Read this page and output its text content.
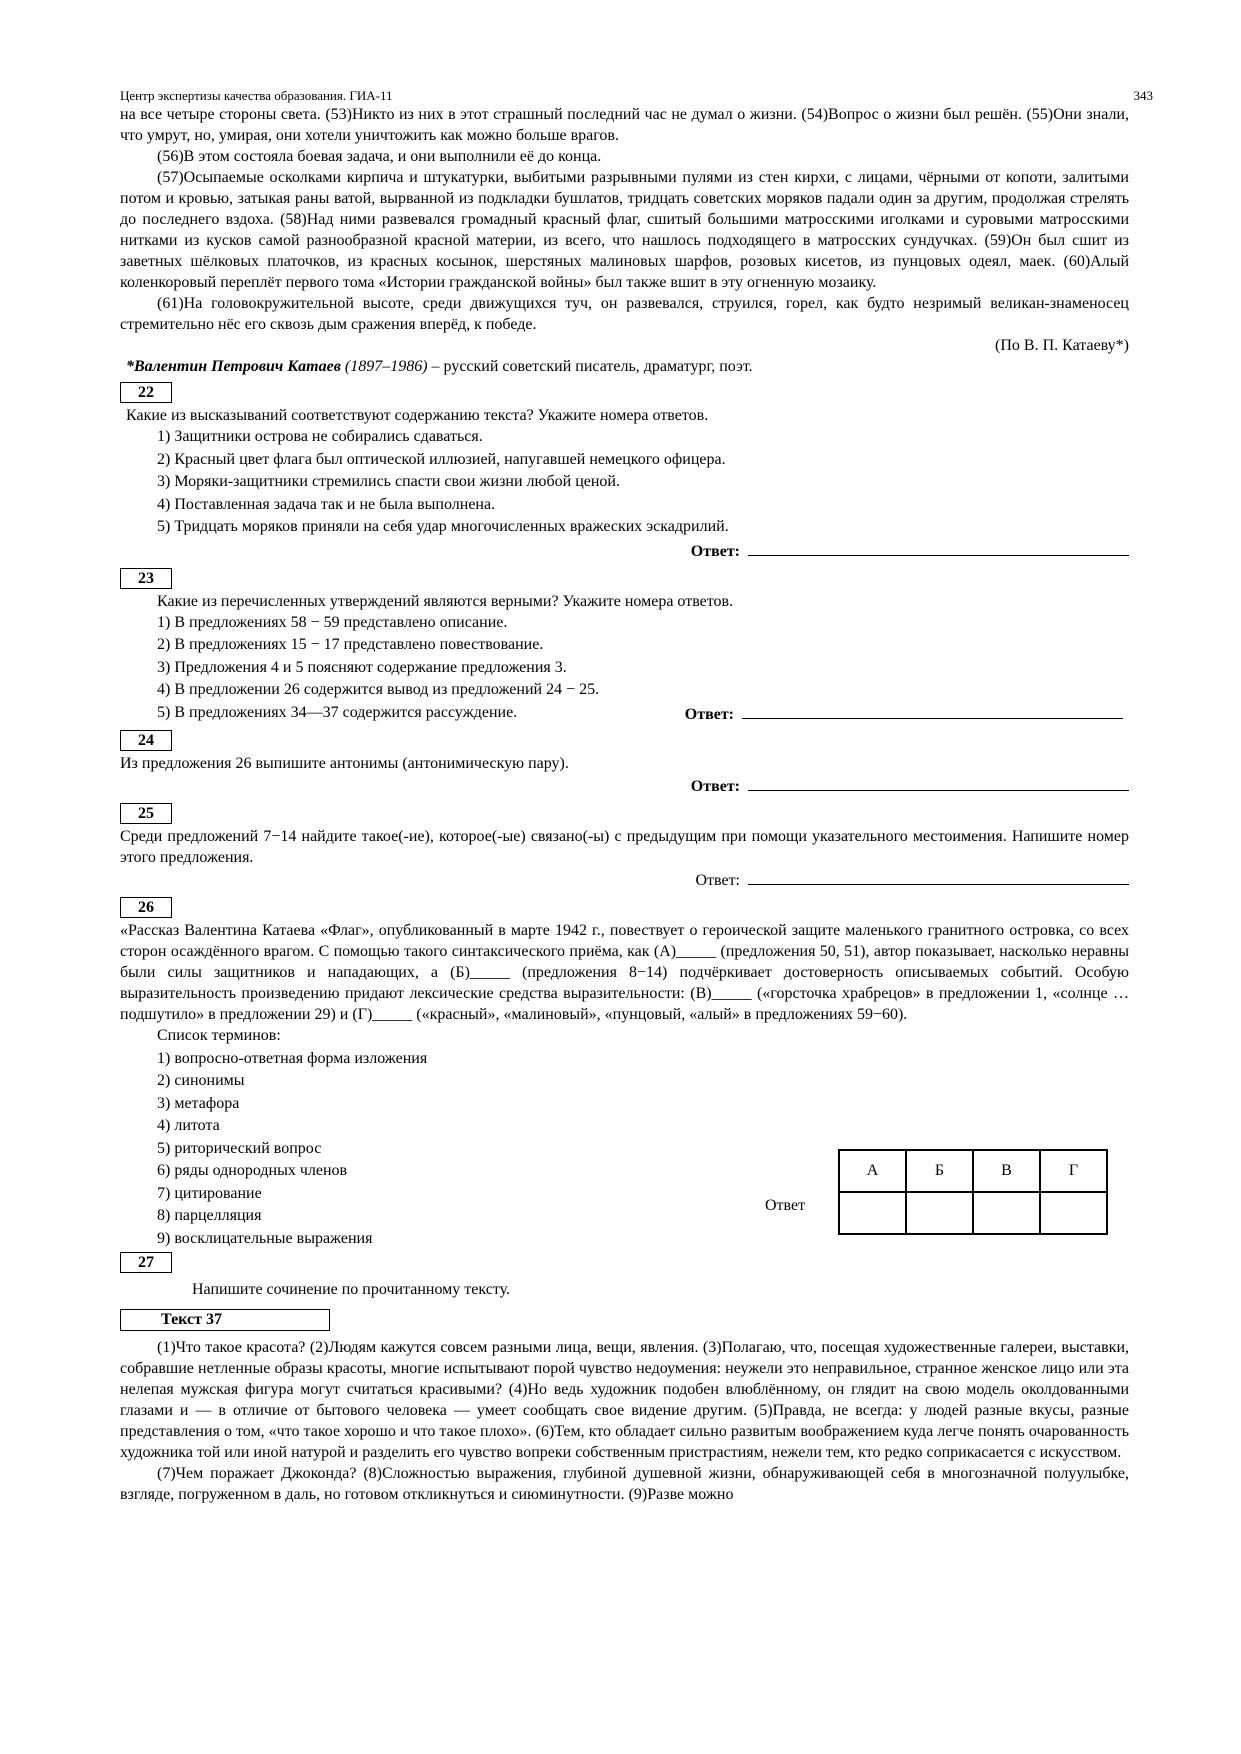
Центр экспертизы качества образования. ГИА-11	343

на все четыре стороны света. (53)Никто из них в этот страшный последний час не думал о жизни. (54)Вопрос о жизни был решён. (55)Они знали, что умрут, но, умирая, они хотели уничтожить как можно больше врагов.

(56)В этом состояла боевая задача, и они выполнили её до конца.

(57)Осыпаемые осколками кирпича и штукатурки, выбитыми разрывными пулями из стен кирхи, с лицами, чёрными от копоти, залитыми потом и кровью, затыкая раны ватой, вырванной из подкладки бушлатов, тридцать советских моряков падали один за другим, продолжая стрелять до последнего вздоха. (58)Над ними развевался громадный красный флаг, сшитый большими матросскими иголками и суровыми матросскими нитками из кусков самой разнообразной красной материи, из всего, что нашлось подходящего в матросских сундучках. (59)Он был сшит из заветных шёлковых платочков, из красных косынок, шерстяных малиновых шарфов, розовых кисетов, из пунцовых одеял, маек. (60)Алый коленкоровый переплёт первого тома «Истории гражданской войны» был также вшит в эту огненную мозаику.

(61)На головокружительной высоте, среди движущихся туч, он развевался, струился, горел, как будто незримый великан-знаменосец стремительно нёс его сквозь дым сражения вперёд, к победе.

(По В. П. Катаеву*)

*Валентин Петрович Катаев (1897–1986) – русский советский писатель, драматург, поэт.
22

Какие из высказываний соответствуют содержанию текста? Укажите номера ответов.

1) Защитники острова не собирались сдаваться.
2) Красный цвет флага был оптической иллюзией, напугавшей немецкого офицера.
3) Моряки-защитники стремились спасти свои жизни любой ценой.
4) Поставленная задача так и не была выполнена.
5) Тридцать моряков приняли на себя удар многочисленных вражеских эскадрилий.
Ответ:
23

Какие из перечисленных утверждений являются верными? Укажите номера ответов.

1) В предложениях 58 − 59 представлено описание.
2) В предложениях 15 − 17 представлено повествование.
3) Предложения 4 и 5 поясняют содержание предложения 3.
4) В предложении 26 содержится вывод из предложений 24 − 25.
5) В предложениях 34—37 содержится рассуждение.	Ответ:
24

Из предложения 26 выпишите антонимы (антонимическую пару).

Ответ:
25

Среди предложений 7−14 найдите такое(-ие), которое(-ые) связано(-ы) с предыдущим при помощи указательного местоимения. Напишите номер этого предложения.

Ответ:
26

«Рассказ Валентина Катаева «Флаг», опубликованный в марте 1942 г., повествует о героической защите маленького гранитного островка, со всех сторон осаждённого врагом. С помощью такого синтаксического приёма, как (А)_____ (предложения 50, 51), автор показывает, насколько неравны были силы защитников и нападающих, а (Б)_____ (предложения 8−14) подчёркивает достоверность описываемых событий. Особую выразительность произведению придают лексические средства выразительности: (В)_____ («горсточка храбрецов» в предложении 1, «солнце … подшутило» в предложении 29) и (Г)_____ («красный», «малиновый», «пунцовый, «алый» в предложениях 59−60).

Список терминов:
1) вопросно-ответная форма изложения
2) синонимы
3) метафора
4) литота
5) риторический вопрос
6) ряды однородных членов
7) цитирование
8) парцелляция
9) восклицательные выражения
Ответ
А	Б	В	Г

27

Напишите сочинение по прочитанному тексту.

Текст 37

(1)Что такое красота? (2)Людям кажутся совсем разными лица, вещи, явления. (3)Полагаю, что, посещая художественные галереи, выставки, собравшие нетленные образы красоты, многие испытывают порой чувство недоумения: неужели это неправильное, странное женское лицо или эта нелепая мужская фигура могут считаться красивыми? (4)Но ведь художник подобен влюблённому, он глядит на свою модель околдованными глазами и — в отличие от бытового человека — умеет сообщать свое видение другим. (5)Правда, не всегда: у людей разные вкусы, разные представления о том, «что такое хорошо и что такое плохо». (6)Тем, кто обладает сильно развитым воображением куда легче понять очарованность художника той или иной натурой и разделить его чувство вопреки собственным пристрастиям, нежели тем, кто редко соприкасается с искусством.

(7)Чем поражает Джоконда? (8)Сложностью выражения, глубиной душевной жизни, обнаруживающей себя в многозначной полуулыбке, взгляде, погруженном в даль, но готовом откликнуться и сиюминутности. (9)Разве можно
